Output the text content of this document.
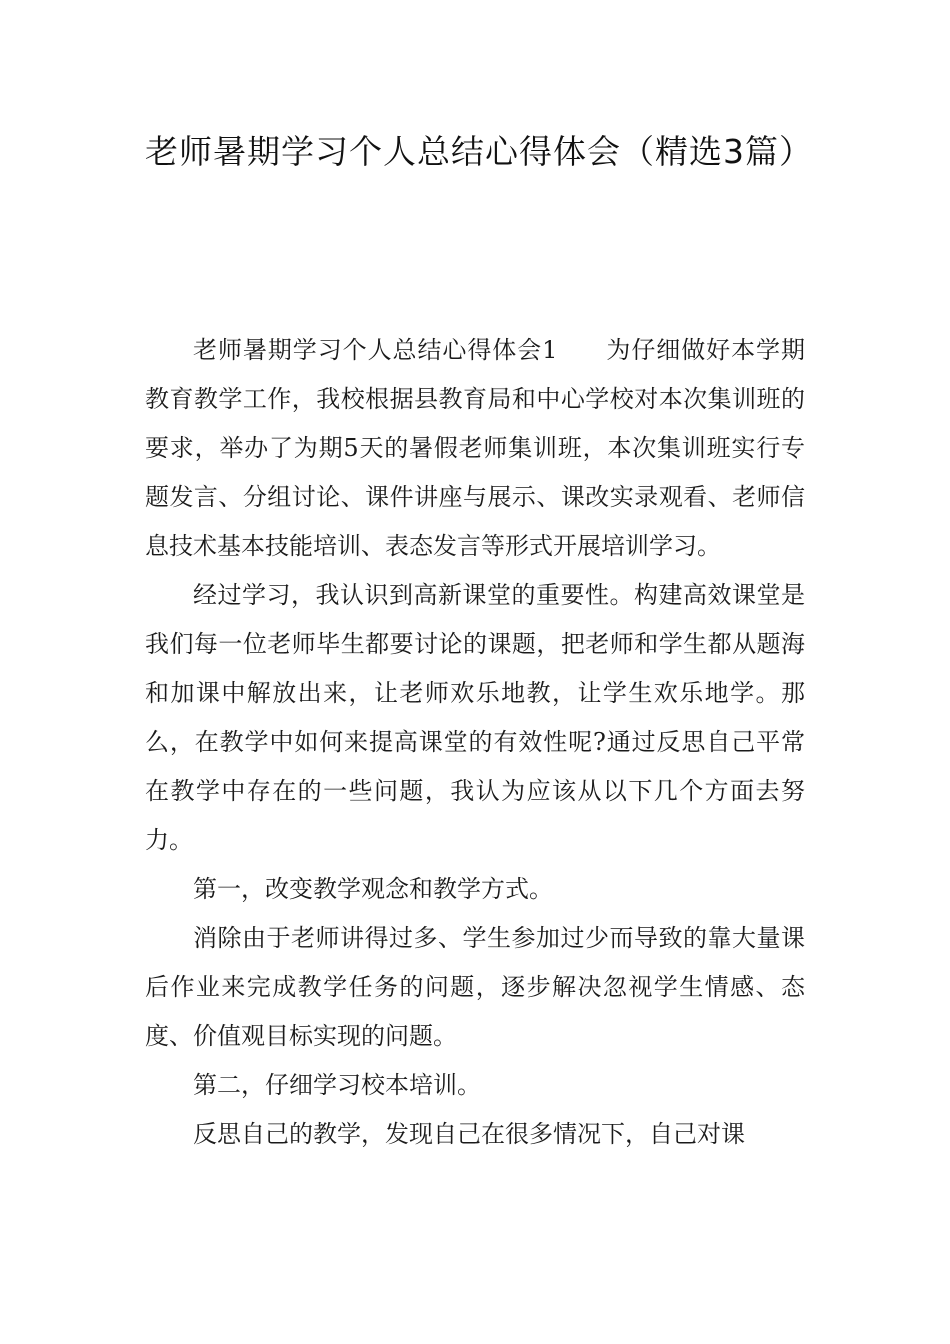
老师暑期学习个人总结心得体会（精选3篇）

老师暑期学习个人总结心得体会1 为仔细做好本学期教育教学工作，我校根据县教育局和中心学校对本次集训班的要求，举办了为期5天的暑假老师集训班，本次集训班实行专题发言、分组讨论、课件讲座与展示、课改实录观看、老师信息技术基本技能培训、表态发言等形式开展培训学习。

经过学习，我认识到高新课堂的重要性。构建高效课堂是我们每一位老师毕生都要讨论的课题，把老师和学生都从题海和加课中解放出来，让老师欢乐地教，让学生欢乐地学。那么，在教学中如何来提高课堂的有效性呢?通过反思自己平常在教学中存在的一些问题，我认为应该从以下几个方面去努力。

第一，改变教学观念和教学方式。

消除由于老师讲得过多、学生参加过少而导致的靠大量课后作业来完成教学任务的问题，逐步解决忽视学生情感、态度、价值观目标实现的问题。

第二，仔细学习校本培训。

反思自己的教学，发现自己在很多情况下，自己对课
